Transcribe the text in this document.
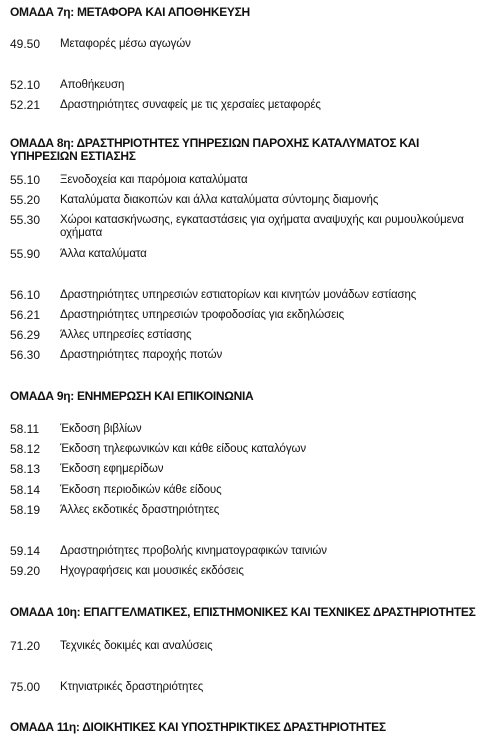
ΟΜΑΔΑ 7η: ΜΕΤΑΦΟΡΑ ΚΑΙ ΑΠΟΘΗΚΕΥΣΗ
49.50	Μεταφορές μέσω αγωγών
52.10	Αποθήκευση
52.21	Δραστηριότητες συναφείς με τις χερσαίες μεταφορές
ΟΜΑΔΑ 8η: ΔΡΑΣΤΗΡΙΟΤΗΤΕΣ ΥΠΗΡΕΣΙΩΝ ΠΑΡΟΧΗΣ ΚΑΤΑΛΥΜΑΤΟΣ ΚΑΙ ΥΠΗΡΕΣΙΩΝ ΕΣΤΙΑΣΗΣ
55.10	Ξενοδοχεία και παρόμοια καταλύματα
55.20	Καταλύματα διακοπών και άλλα καταλύματα σύντομης διαμονής
55.30	Χώροι κατασκήνωσης, εγκαταστάσεις για οχήματα αναψυχής και ρυμουλκούμενα οχήματα
55.90	Άλλα καταλύματα
56.10	Δραστηριότητες υπηρεσιών εστιατορίων και κινητών μονάδων εστίασης
56.21	Δραστηριότητες υπηρεσιών τροφοδοσίας για εκδηλώσεις
56.29	Άλλες υπηρεσίες εστίασης
56.30	Δραστηριότητες παροχής ποτών
ΟΜΑΔΑ 9η: ΕΝΗΜΕΡΩΣΗ ΚΑΙ ΕΠΙΚΟΙΝΩΝΙΑ
58.11	Έκδοση βιβλίων
58.12	Έκδοση τηλεφωνικών και κάθε είδους καταλόγων
58.13	Έκδοση εφημερίδων
58.14	Έκδοση περιοδικών κάθε είδους
58.19	Άλλες εκδοτικές δραστηριότητες
59.14	Δραστηριότητες προβολής κινηματογραφικών ταινιών
59.20	Ηχογραφήσεις και μουσικές εκδόσεις
ΟΜΑΔΑ 10η: ΕΠΑΓΓΕΛΜΑΤΙΚΕΣ, ΕΠΙΣΤΗΜΟΝΙΚΕΣ ΚΑΙ ΤΕΧΝΙΚΕΣ ΔΡΑΣΤΗΡΙΟΤΗΤΕΣ
71.20	Τεχνικές δοκιμές και αναλύσεις
75.00	Κτηνιατρικές δραστηριότητες
ΟΜΑΔΑ 11η: ΔΙΟΙΚΗΤΙΚΕΣ ΚΑΙ ΥΠΟΣΤΗΡΙΚΤΙΚΕΣ ΔΡΑΣΤΗΡΙΟΤΗΤΕΣ
